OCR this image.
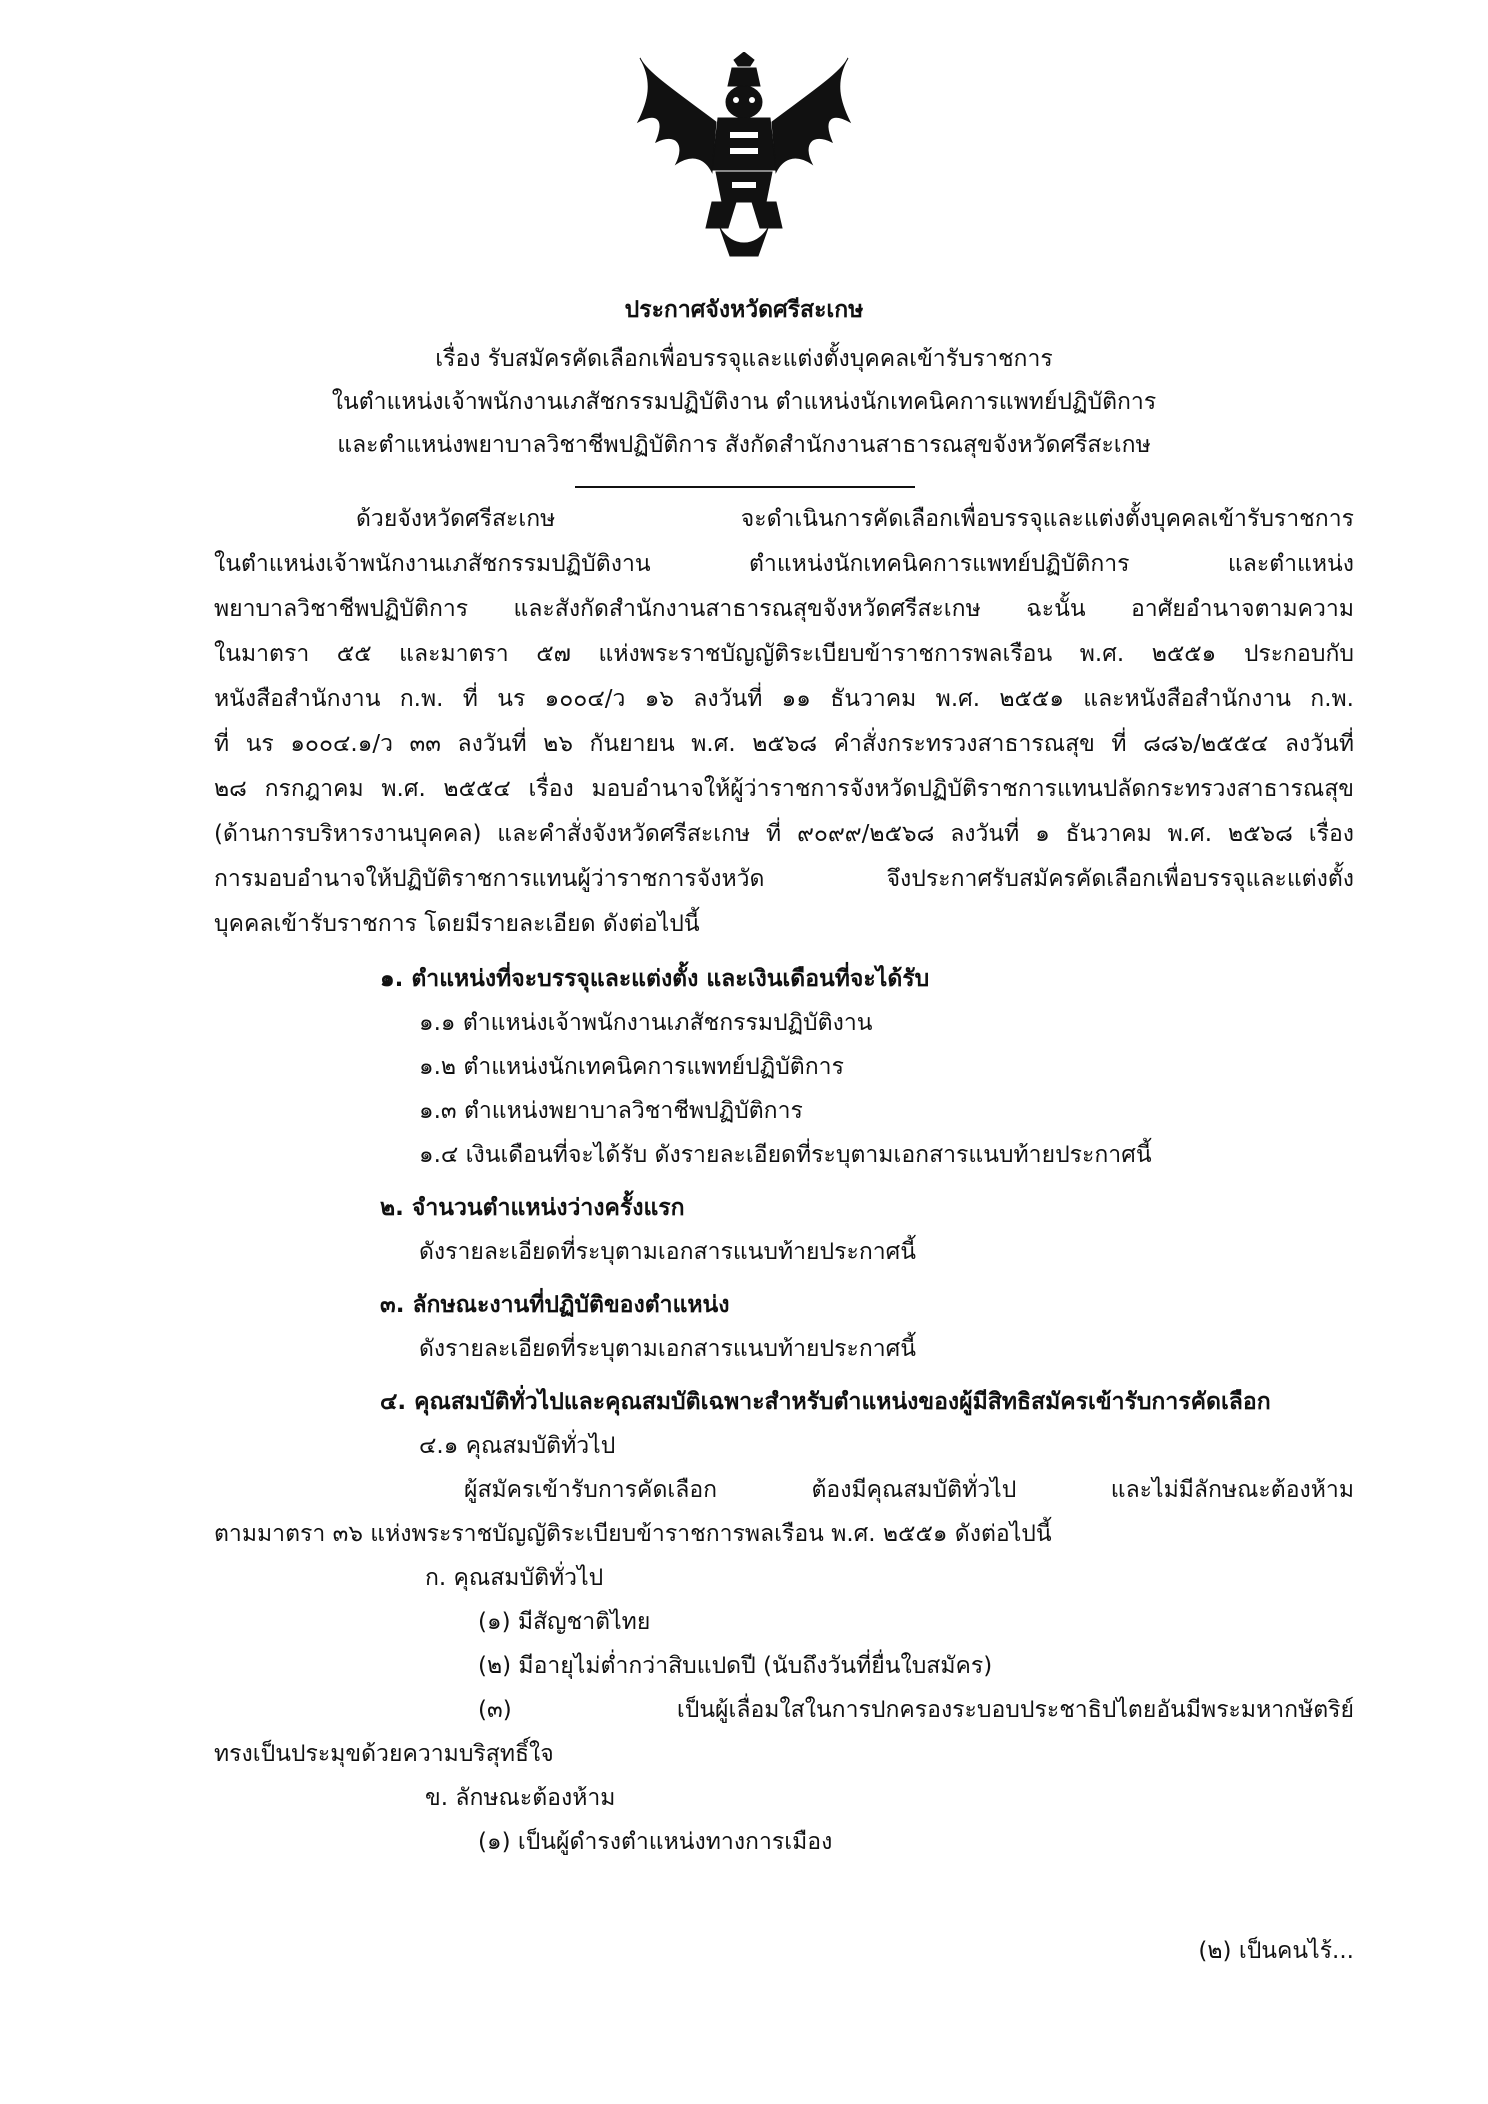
ประกาศจังหวัดศรีสะเกษ
เรื่อง รับสมัครคัดเลือกเพื่อบรรจุและแต่งตั้งบุคคลเข้ารับราชการ
ในตำแหน่งเจ้าพนักงานเภสัชกรรมปฏิบัติงาน ตำแหน่งนักเทคนิคการแพทย์ปฏิบัติการ
และตำแหน่งพยาบาลวิชาชีพปฏิบัติการ สังกัดสำนักงานสาธารณสุขจังหวัดศรีสะเกษ
ด้วยจังหวัดศรีสะเกษ จะดำเนินการคัดเลือกเพื่อบรรจุและแต่งตั้งบุคคลเข้ารับราชการ
ในตำแหน่งเจ้าพนักงานเภสัชกรรมปฏิบัติงาน ตำแหน่งนักเทคนิคการแพทย์ปฏิบัติการ และตำแหน่ง
พยาบาลวิชาชีพปฏิบัติการ และสังกัดสำนักงานสาธารณสุขจังหวัดศรีสะเกษ ฉะนั้น อาศัยอำนาจตามความ
ในมาตรา ๕๕ และมาตรา ๕๗ แห่งพระราชบัญญัติระเบียบข้าราชการพลเรือน พ.ศ. ๒๕๕๑ ประกอบกับ
หนังสือสำนักงาน ก.พ. ที่ นร ๑๐๐๔/ว ๑๖ ลงวันที่ ๑๑ ธันวาคม พ.ศ. ๒๕๕๑ และหนังสือสำนักงาน ก.พ.
ที่ นร ๑๐๐๔.๑/ว ๓๓ ลงวันที่ ๒๖ กันยายน พ.ศ. ๒๕๖๘ คำสั่งกระทรวงสาธารณสุข ที่ ๘๘๖/๒๕๕๔ ลงวันที่
๒๘ กรกฎาคม พ.ศ. ๒๕๕๔ เรื่อง มอบอำนาจให้ผู้ว่าราชการจังหวัดปฏิบัติราชการแทนปลัดกระทรวงสาธารณสุข
(ด้านการบริหารงานบุคคล) และคำสั่งจังหวัดศรีสะเกษ ที่ ๙๐๙๙/๒๕๖๘ ลงวันที่ ๑ ธันวาคม พ.ศ. ๒๕๖๘ เรื่อง
การมอบอำนาจให้ปฏิบัติราชการแทนผู้ว่าราชการจังหวัด จึงประกาศรับสมัครคัดเลือกเพื่อบรรจุและแต่งตั้ง
บุคคลเข้ารับราชการ โดยมีรายละเอียด ดังต่อไปนี้
๑. ตำแหน่งที่จะบรรจุและแต่งตั้ง และเงินเดือนที่จะได้รับ
๑.๑ ตำแหน่งเจ้าพนักงานเภสัชกรรมปฏิบัติงาน
๑.๒ ตำแหน่งนักเทคนิคการแพทย์ปฏิบัติการ
๑.๓ ตำแหน่งพยาบาลวิชาชีพปฏิบัติการ
๑.๔ เงินเดือนที่จะได้รับ ดังรายละเอียดที่ระบุตามเอกสารแนบท้ายประกาศนี้
๒. จำนวนตำแหน่งว่างครั้งแรก
ดังรายละเอียดที่ระบุตามเอกสารแนบท้ายประกาศนี้
๓. ลักษณะงานที่ปฏิบัติของตำแหน่ง
ดังรายละเอียดที่ระบุตามเอกสารแนบท้ายประกาศนี้
๔. คุณสมบัติทั่วไปและคุณสมบัติเฉพาะสำหรับตำแหน่งของผู้มีสิทธิสมัครเข้ารับการคัดเลือก
๔.๑ คุณสมบัติทั่วไป
ผู้สมัครเข้ารับการคัดเลือก ต้องมีคุณสมบัติทั่วไป และไม่มีลักษณะต้องห้าม
ตามมาตรา ๓๖ แห่งพระราชบัญญัติระเบียบข้าราชการพลเรือน พ.ศ. ๒๕๕๑ ดังต่อไปนี้
ก. คุณสมบัติทั่วไป
(๑) มีสัญชาติไทย
(๒) มีอายุไม่ต่ำกว่าสิบแปดปี (นับถึงวันที่ยื่นใบสมัคร)
(๓) เป็นผู้เลื่อมใสในการปกครองระบอบประชาธิปไตยอันมีพระมหากษัตริย์
ทรงเป็นประมุขด้วยความบริสุทธิ์ใจ
ข. ลักษณะต้องห้าม
(๑) เป็นผู้ดำรงตำแหน่งทางการเมือง
(๒) เป็นคนไร้...
